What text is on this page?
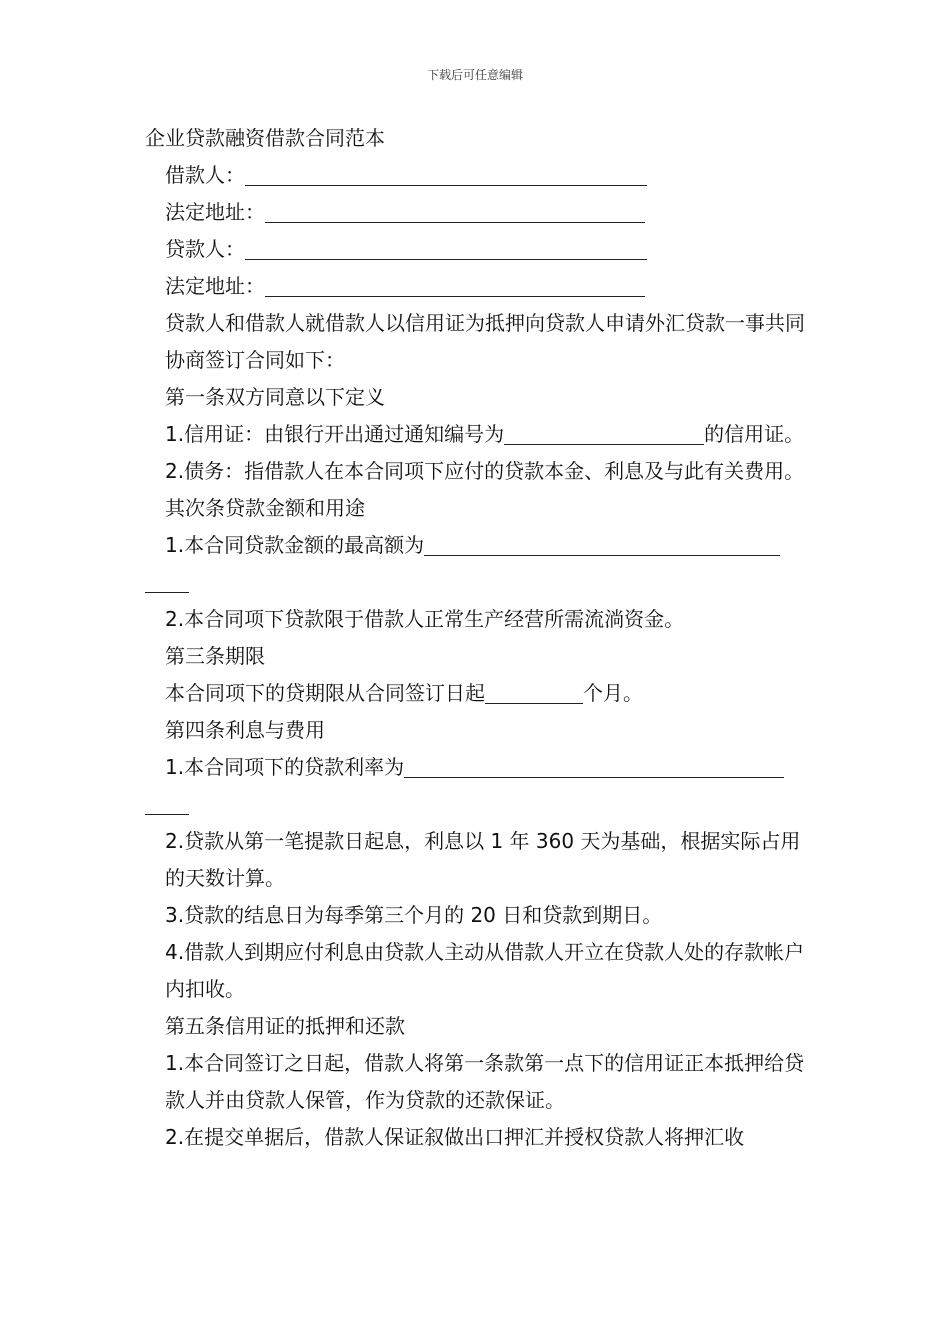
下载后可任意编辑

企业贷款融资借款合同范本

借款人：

法定地址：

贷款人：

法定地址：

贷款人和借款人就借款人以信用证为抵押向贷款人申请外汇贷款一事共同协商签订合同如下：

第一条双方同意以下定义

1.信用证：由银行开出通过通知编号为	的信用证。

2.债务：指借款人在本合同项下应付的贷款本金、利息及与此有关费用。

其次条贷款金额和用途

1.本合同贷款金额的最高额为

2.本合同项下贷款限于借款人正常生产经营所需流淌资金。

第三条期限

本合同项下的贷期限从合同签订日起	个月。

第四条利息与费用

1.本合同项下的贷款利率为

2.贷款从第一笔提款日起息，利息以 1 年 360 天为基础，根据实际占用的天数计算。

3.贷款的结息日为每季第三个月的 20 日和贷款到期日。

4.借款人到期应付利息由贷款人主动从借款人开立在贷款人处的存款帐户内扣收。

第五条信用证的抵押和还款

1.本合同签订之日起，借款人将第一条款第一点下的信用证正本抵押给贷款人并由贷款人保管，作为贷款的还款保证。

2.在提交单据后，借款人保证叙做出口押汇并授权贷款人将押汇收
